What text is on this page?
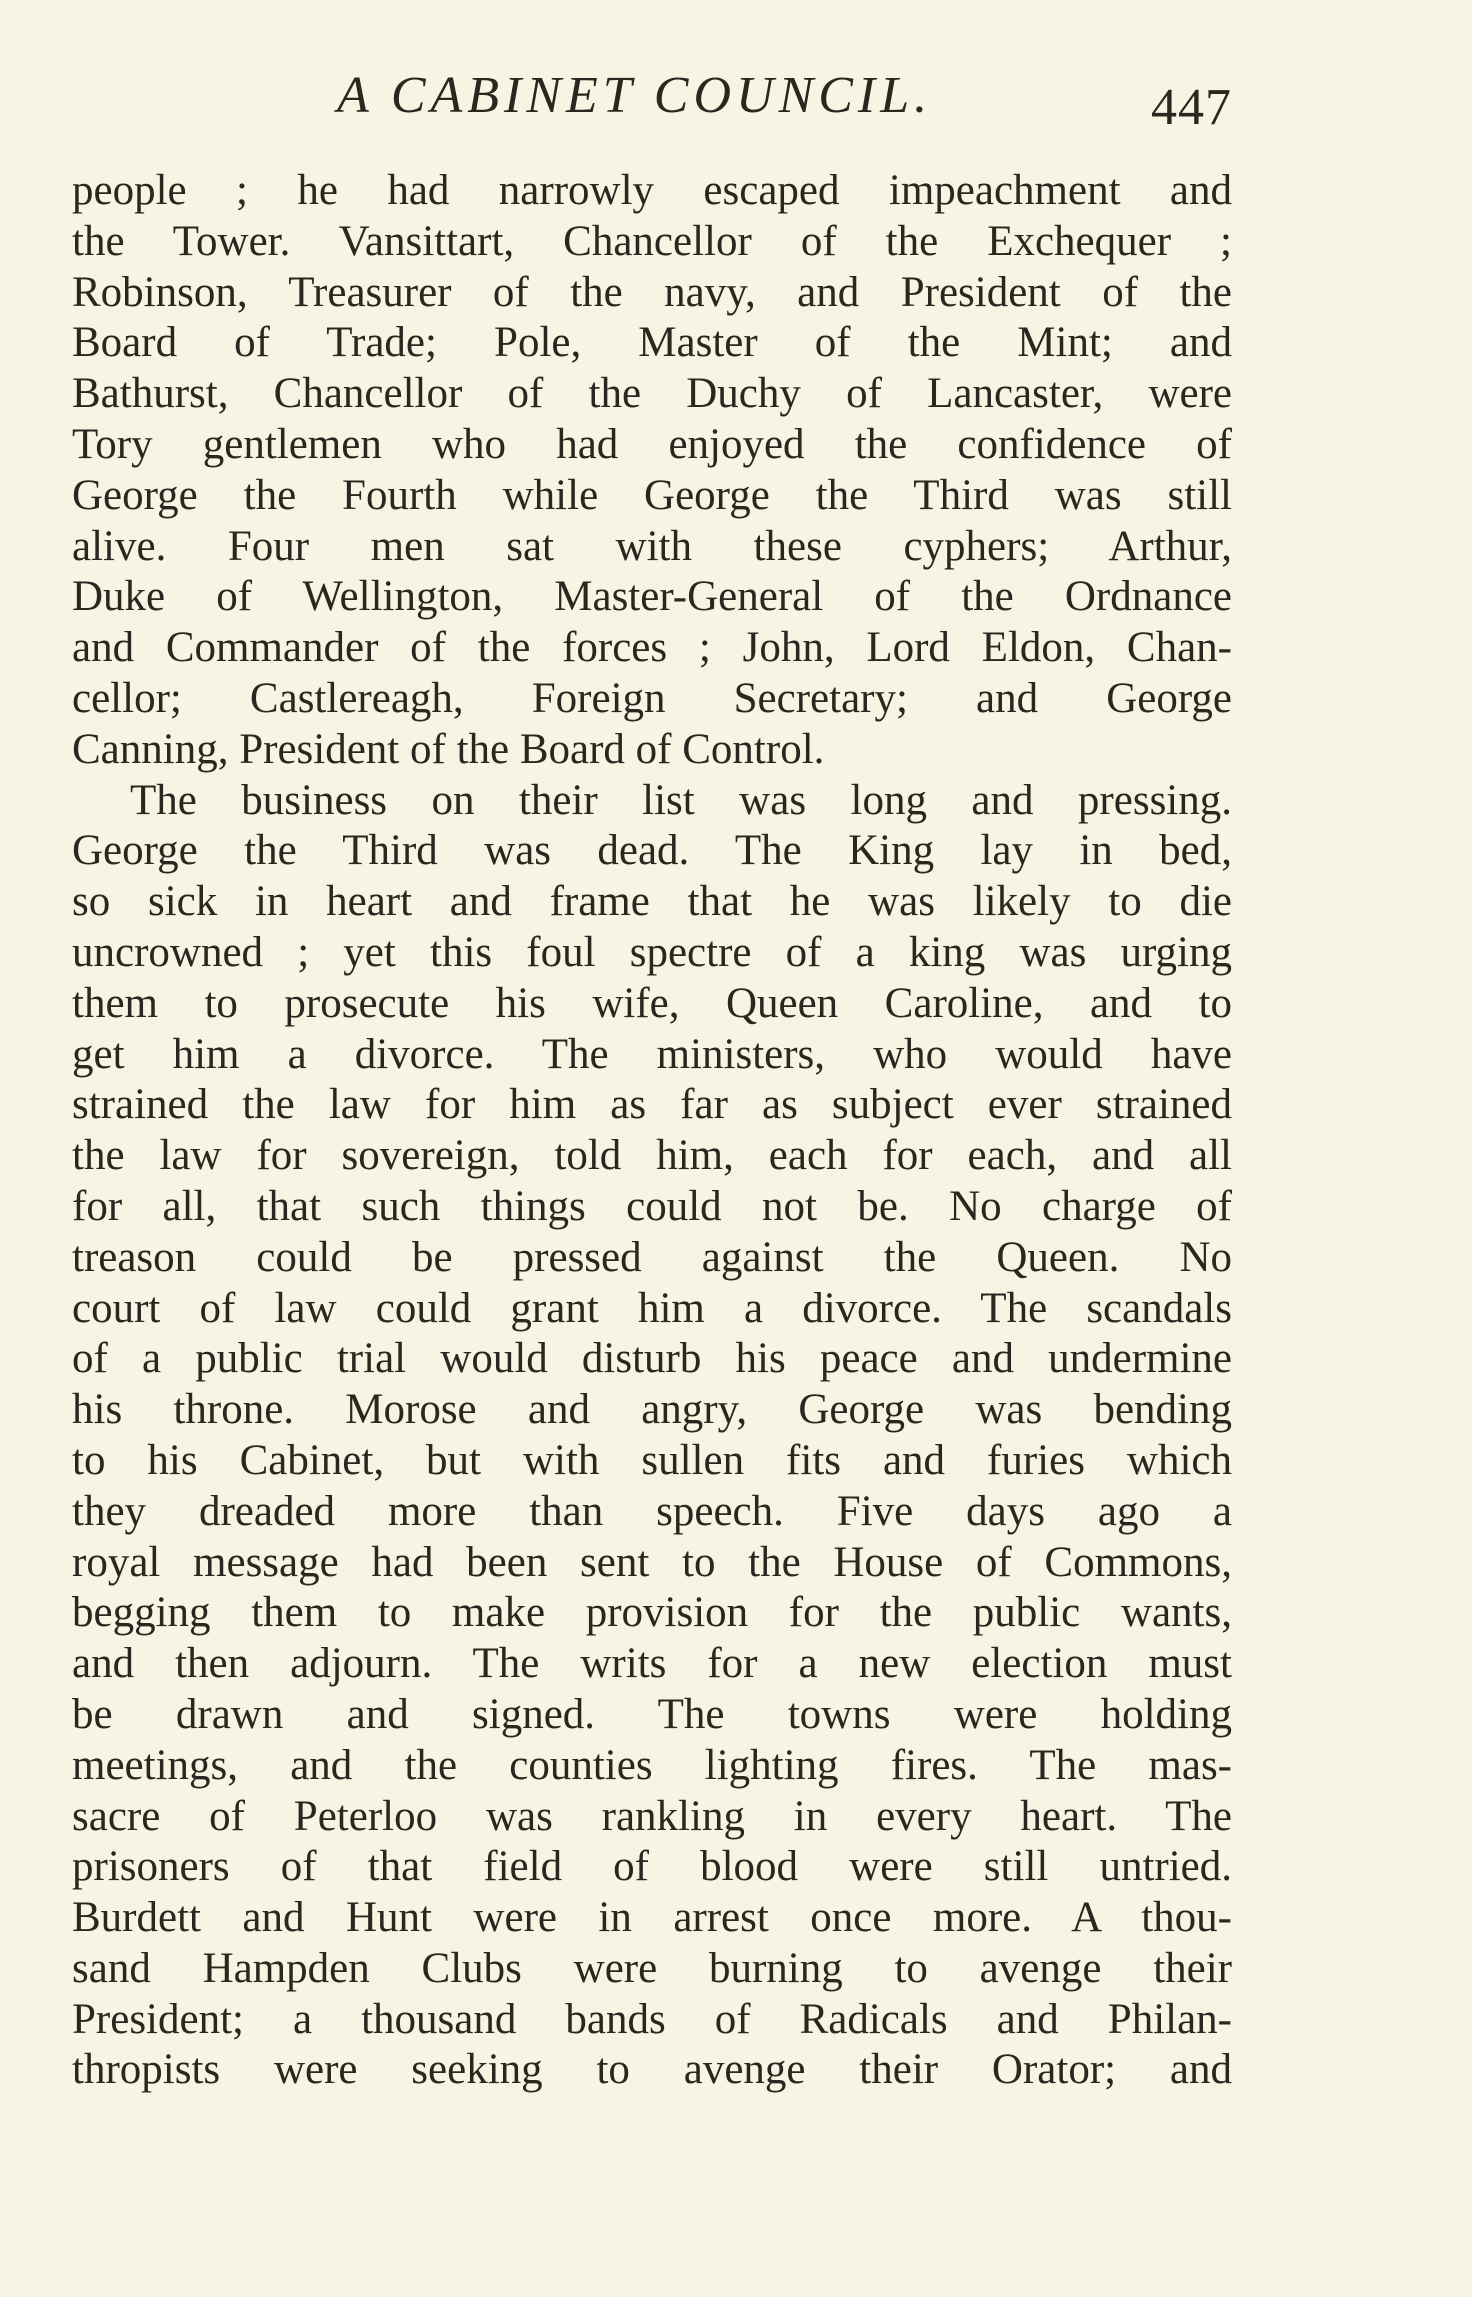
A CABINET COUNCIL.	447
people ; he had narrowly escaped impeachment and
the Tower. Vansittart, Chancellor of the Exchequer ;
Robinson, Treasurer of the navy, and President of the
Board of Trade; Pole, Master of the Mint; and
Bathurst, Chancellor of the Duchy of Lancaster, were
Tory gentlemen who had enjoyed the confidence of
George the Fourth while George the Third was still
alive. Four men sat with these cyphers; Arthur,
Duke of Wellington, Master-General of the Ordnance
and Commander of the forces ; John, Lord Eldon, Chan-
cellor; Castlereagh, Foreign Secretary; and George
Canning, President of the Board of Control.
The business on their list was long and pressing.
George the Third was dead. The King lay in bed,
so sick in heart and frame that he was likely to die
uncrowned ; yet this foul spectre of a king was urging
them to prosecute his wife, Queen Caroline, and to
get him a divorce. The ministers, who would have
strained the law for him as far as subject ever strained
the law for sovereign, told him, each for each, and all
for all, that such things could not be. No charge of
treason could be pressed against the Queen. No
court of law could grant him a divorce. The scandals
of a public trial would disturb his peace and undermine
his throne. Morose and angry, George was bending
to his Cabinet, but with sullen fits and furies which
they dreaded more than speech. Five days ago a
royal message had been sent to the House of Commons,
begging them to make provision for the public wants,
and then adjourn. The writs for a new election must
be drawn and signed. The towns were holding
meetings, and the counties lighting fires. The mas-
sacre of Peterloo was rankling in every heart. The
prisoners of that field of blood were still untried.
Burdett and Hunt were in arrest once more. A thou-
sand Hampden Clubs were burning to avenge their
President; a thousand bands of Radicals and Philan-
thropists were seeking to avenge their Orator; and
